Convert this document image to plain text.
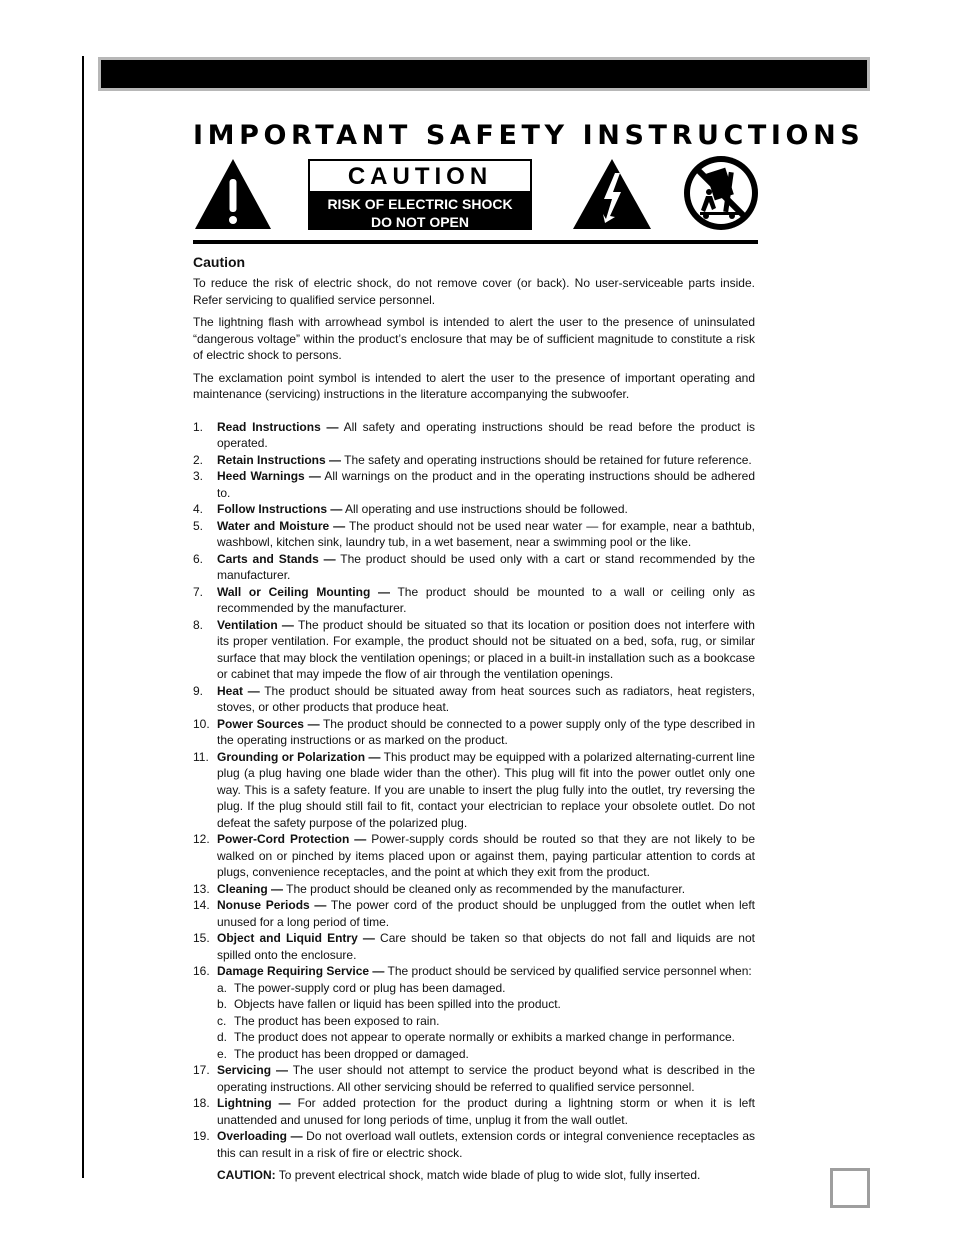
IMPORTANT SAFETY INSTRUCTIONS
CAUTION
RISK OF ELECTRIC SHOCK
DO NOT OPEN
Caution

To reduce the risk of electric shock, do not remove cover (or back). No user-serviceable parts inside. Refer servicing to qualified service personnel.

The lightning flash with arrowhead symbol is intended to alert the user to the presence of uninsulated “dangerous voltage” within the product’s enclosure that may be of sufficient magnitude to constitute a risk of electric shock to persons.

The exclamation point symbol is intended to alert the user to the presence of important operating and maintenance (servicing) instructions in the literature accompanying the subwoofer.

1. Read Instructions — All safety and operating instructions should be read before the product is operated.
2. Retain Instructions — The safety and operating instructions should be retained for future reference.
3. Heed Warnings — All warnings on the product and in the operating instructions should be adhered to.
4. Follow Instructions — All operating and use instructions should be followed.
5. Water and Moisture — The product should not be used near water — for example, near a bathtub, washbowl, kitchen sink, laundry tub, in a wet basement, near a swimming pool or the like.
6. Carts and Stands — The product should be used only with a cart or stand recommended by the manufacturer.
7. Wall or Ceiling Mounting — The product should be mounted to a wall or ceiling only as recommended by the manufacturer.
8. Ventilation — The product should be situated so that its location or position does not interfere with its proper ventilation. For example, the product should not be situated on a bed, sofa, rug, or similar surface that may block the ventilation openings; or placed in a built-in installation such as a bookcase or cabinet that may impede the flow of air through the ventilation openings.
9. Heat — The product should be situated away from heat sources such as radiators, heat registers, stoves, or other products that produce heat.
10. Power Sources — The product should be connected to a power supply only of the type described in the operating instructions or as marked on the product.
11. Grounding or Polarization — This product may be equipped with a polarized alternating-current line plug (a plug having one blade wider than the other). This plug will fit into the power outlet only one way. This is a safety feature. If you are unable to insert the plug fully into the outlet, try reversing the plug. If the plug should still fail to fit, contact your electrician to replace your obsolete outlet. Do not defeat the safety purpose of the polarized plug.
12. Power-Cord Protection — Power-supply cords should be routed so that they are not likely to be walked on or pinched by items placed upon or against them, paying particular attention to cords at plugs, convenience receptacles, and the point at which they exit from the product.
13. Cleaning — The product should be cleaned only as recommended by the manufacturer.
14. Nonuse Periods — The power cord of the product should be unplugged from the outlet when left unused for a long period of time.
15. Object and Liquid Entry — Care should be taken so that objects do not fall and liquids are not spilled onto the enclosure.
16. Damage Requiring Service — The product should be serviced by qualified service personnel when:
a. The power-supply cord or plug has been damaged.
b. Objects have fallen or liquid has been spilled into the product.
c. The product has been exposed to rain.
d. The product does not appear to operate normally or exhibits a marked change in performance.
e. The product has been dropped or damaged.
17. Servicing — The user should not attempt to service the product beyond what is described in the operating instructions. All other servicing should be referred to qualified service personnel.
18. Lightning — For added protection for the product during a lightning storm or when it is left unattended and unused for long periods of time, unplug it from the wall outlet.
19. Overloading — Do not overload wall outlets, extension cords or integral convenience receptacles as this can result in a risk of fire or electric shock.
CAUTION: To prevent electrical shock, match wide blade of plug to wide slot, fully inserted.
